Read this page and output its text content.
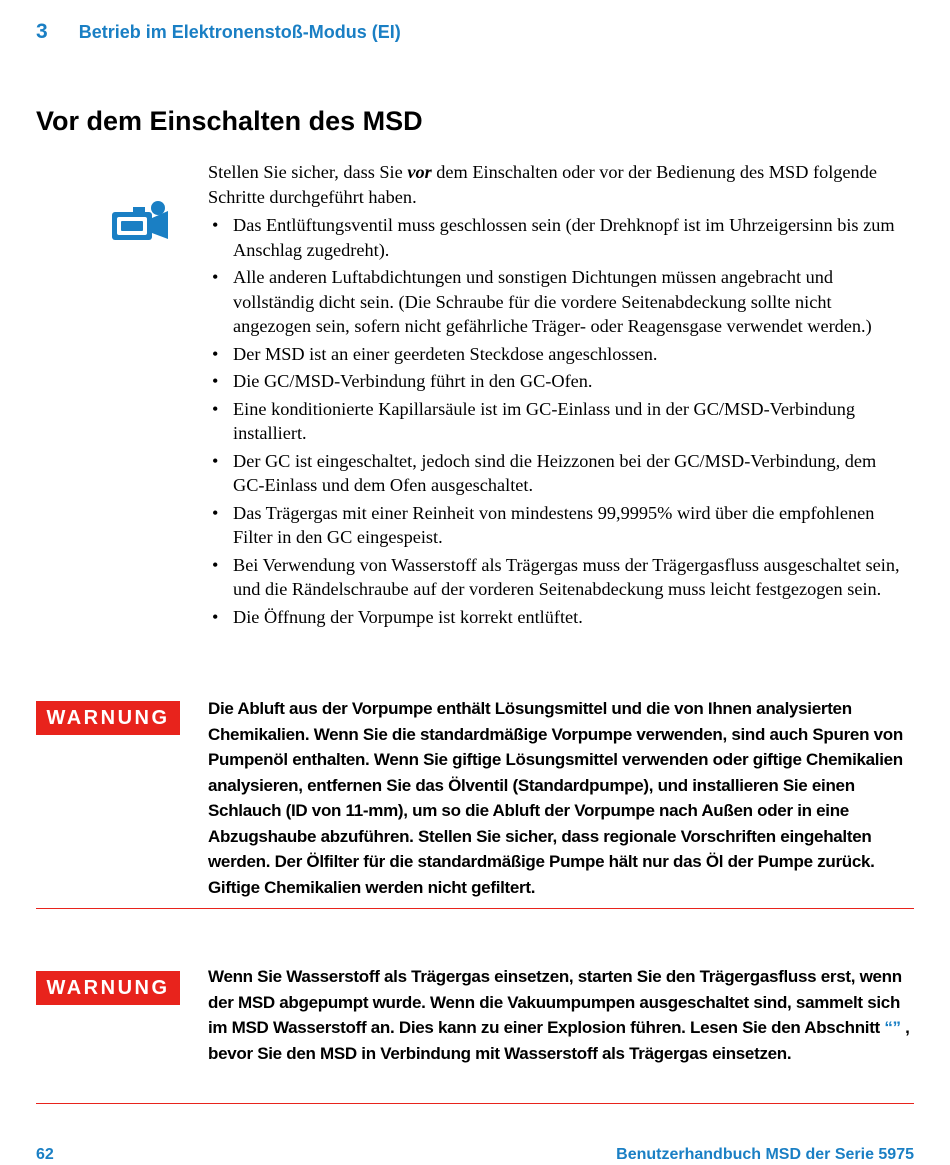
3 Betrieb im Elektronenstoß-Modus (EI)
Vor dem Einschalten des MSD

Stellen Sie sicher, dass Sie vor dem Einschalten oder vor der Bedienung des MSD folgende Schritte durchgeführt haben.

• Das Entlüftungsventil muss geschlossen sein (der Drehknopf ist im Uhrzeigersinn bis zum Anschlag zugedreht).
• Alle anderen Luftabdichtungen und sonstigen Dichtungen müssen angebracht und vollständig dicht sein. (Die Schraube für die vordere Seitenabdeckung sollte nicht angezogen sein, sofern nicht gefährliche Träger- oder Reagensgase verwendet werden.)
• Der MSD ist an einer geerdeten Steckdose angeschlossen.
• Die GC/MSD-Verbindung führt in den GC-Ofen.
• Eine konditionierte Kapillarsäule ist im GC-Einlass und in der GC/MSD-Verbindung installiert.
• Der GC ist eingeschaltet, jedoch sind die Heizzonen bei der GC/MSD-Verbindung, dem GC-Einlass und dem Ofen ausgeschaltet.
• Das Trägergas mit einer Reinheit von mindestens 99,9995% wird über die empfohlenen Filter in den GC eingespeist.
• Bei Verwendung von Wasserstoff als Trägergas muss der Trägergasfluss ausgeschaltet sein, und die Rändelschraube auf der vorderen Seitenabdeckung muss leicht festgezogen sein.
• Die Öffnung der Vorpumpe ist korrekt entlüftet.
WARNUNG	Die Abluft aus der Vorpumpe enthält Lösungsmittel und die von Ihnen analysierten Chemikalien. Wenn Sie die standardmäßige Vorpumpe verwenden, sind auch Spuren von Pumpenöl enthalten. Wenn Sie giftige Lösungsmittel verwenden oder giftige Chemikalien analysieren, entfernen Sie das Ölventil (Standardpumpe), und installieren Sie einen Schlauch (ID von 11-mm), um so die Abluft der Vorpumpe nach Außen oder in eine Abzugshaube abzuführen. Stellen Sie sicher, dass regionale Vorschriften eingehalten werden. Der Ölfilter für die standardmäßige Pumpe hält nur das Öl der Pumpe zurück. Giftige Chemikalien werden nicht gefiltert.
WARNUNG	Wenn Sie Wasserstoff als Trägergas einsetzen, starten Sie den Trägergasfluss erst, wenn der MSD abgepumpt wurde. Wenn die Vakuumpumpen ausgeschaltet sind, sammelt sich im MSD Wasserstoff an. Dies kann zu einer Explosion führen. Lesen Sie den Abschnitt “” , bevor Sie den MSD in Verbindung mit Wasserstoff als Trägergas einsetzen.
62	Benutzerhandbuch MSD der Serie 5975
